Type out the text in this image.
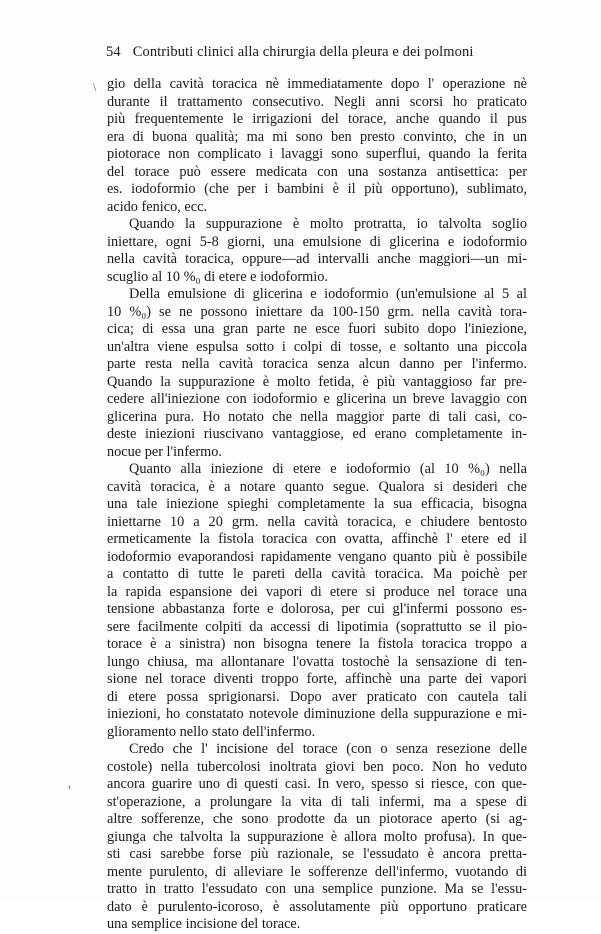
\
,
54 Contributi clinici alla chirurgia della pleura e dei polmoni
gio della cavità toracica nè immediatamente dopo l' operazione nè
durante il trattamento consecutivo. Negli anni scorsi ho praticato
più frequentemente le irrigazioni del torace, anche quando il pus
era di buona qualità; ma mi sono ben presto convinto, che in un
piotorace non complicato i lavaggi sono superflui, quando la ferita
del torace può essere medicata con una sostanza antisettica: per
es. iodoformio (che per i bambini è il più opportuno), sublimato,
acido fenico, ecc.
Quando la suppurazione è molto protratta, io talvolta soglio
iniettare, ogni 5-8 giorni, una emulsione di glicerina e iodoformio
nella cavità toracica, oppure—ad intervalli anche maggiori—un mi-
scuglio al 10 %₀ di etere e iodoformio.
Della emulsione di glicerina e iodoformio (un'emulsione al 5 al
10 %₀) se ne possono iniettare da 100-150 grm. nella cavità tora-
cica; di essa una gran parte ne esce fuori subito dopo l'iniezione,
un'altra viene espulsa sotto i colpi di tosse, e soltanto una piccola
parte resta nella cavità toracica senza alcun danno per l'infermo.
Quando la suppurazione è molto fetida, è più vantaggioso far pre-
cedere all'iniezione con iodoformio e glicerina un breve lavaggio con
glicerina pura. Ho notato che nella maggior parte di tali casi, co-
deste iniezioni riuscivano vantaggiose, ed erano completamente in-
nocue per l'infermo.
Quanto alla iniezione di etere e iodoformio (al 10 %₀) nella
cavità toracica, è a notare quanto segue. Qualora si desideri che
una tale iniezione spieghi completamente la sua efficacia, bisogna
iniettarne 10 a 20 grm. nella cavità toracica, e chiudere bentosto
ermeticamente la fistola toracica con ovatta, affinchè l' etere ed il
iodoformio evaporandosi rapidamente vengano quanto più è possibile
a contatto di tutte le pareti della cavità toracica. Ma poichè per
la rapida espansione dei vapori di etere si produce nel torace una
tensione abbastanza forte e dolorosa, per cui gl'infermi possono es-
sere facilmente colpiti da accessi di lipotimia (soprattutto se il pio-
torace è a sinistra) non bisogna tenere la fistola toracica troppo a
lungo chiusa, ma allontanare l'ovatta tostochè la sensazione di ten-
sione nel torace diventi troppo forte, affinchè una parte dei vapori
di etere possa sprigionarsi. Dopo aver praticato con cautela tali
iniezioni, ho constatato notevole diminuzione della suppurazione e mi-
glioramento nello stato dell'infermo.
Credo che l' incisione del torace (con o senza resezione delle
costole) nella tubercolosi inoltrata giovi ben poco. Non ho veduto
ancora guarire uno di questi casi. In vero, spesso si riesce, con que-
st'operazione, a prolungare la vita di tali infermi, ma a spese di
altre sofferenze, che sono prodotte da un piotorace aperto (si ag-
giunga che talvolta la suppurazione è allora molto profusa). In que-
sti casi sarebbe forse più razionale, se l'essudato è ancora pretta-
mente purulento, di alleviare le sofferenze dell'infermo, vuotando di
tratto in tratto l'essudato con una semplice punzione. Ma se l'essu-
dato è purulento-icoroso, è assolutamente più opportuno praticare
una semplice incisione del torace.
